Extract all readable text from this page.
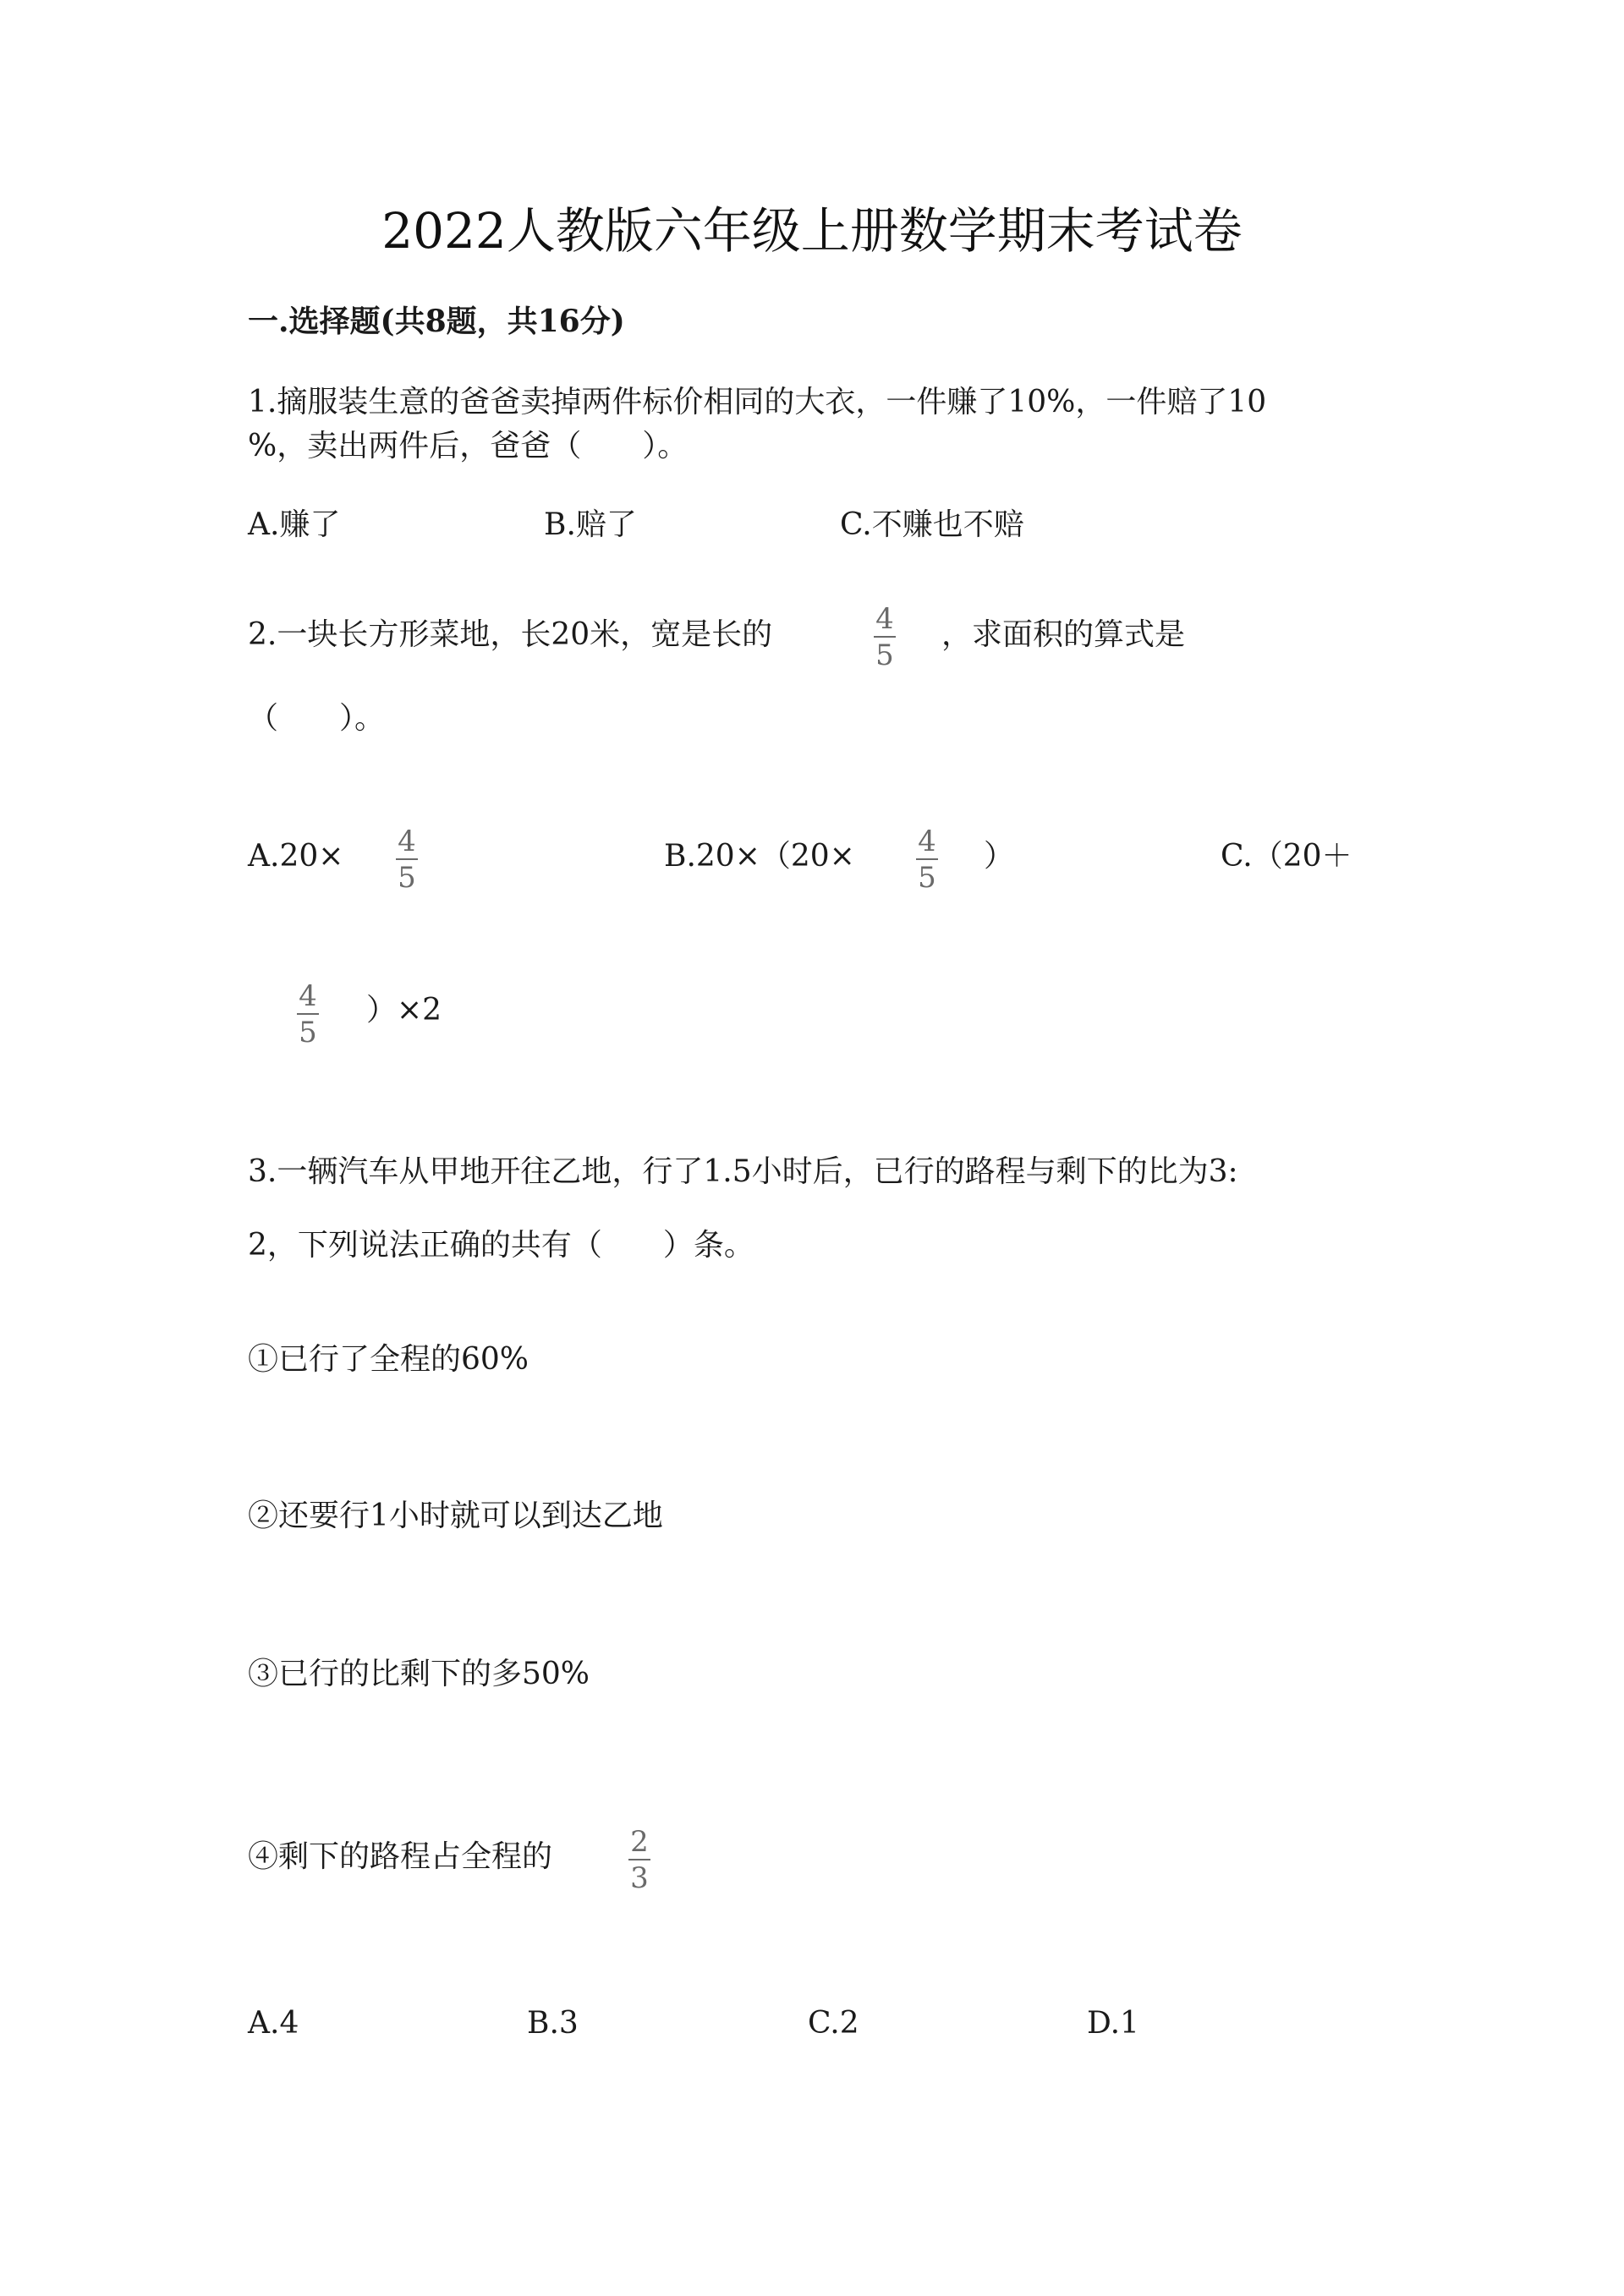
2022人教版六年级上册数学期末考试卷
一.选择题(共8题，共16分)
1.摘服装生意的爸爸卖掉两件标价相同的大衣，一件赚了10%，一件赔了10
%，卖出两件后，爸爸（　　）。
A.赚了	B.赔了	C.不赚也不赔
2.一块长方形菜地，长20米，宽是长的	4
5
，求面积的算式是
（　　）。
A.20× 4
5
B.20×（20× 4
5
）	C.（20＋
4
5
）×2
3.一辆汽车从甲地开往乙地，行了1.5小时后，已行的路程与剩下的比为3:
2，下列说法正确的共有（　　）条。
①已行了全程的60%
②还要行1小时就可以到达乙地
③已行的比剩下的多50%
④剩下的路程占全程的	2
3
A.4	B.3	C.2	D.1
